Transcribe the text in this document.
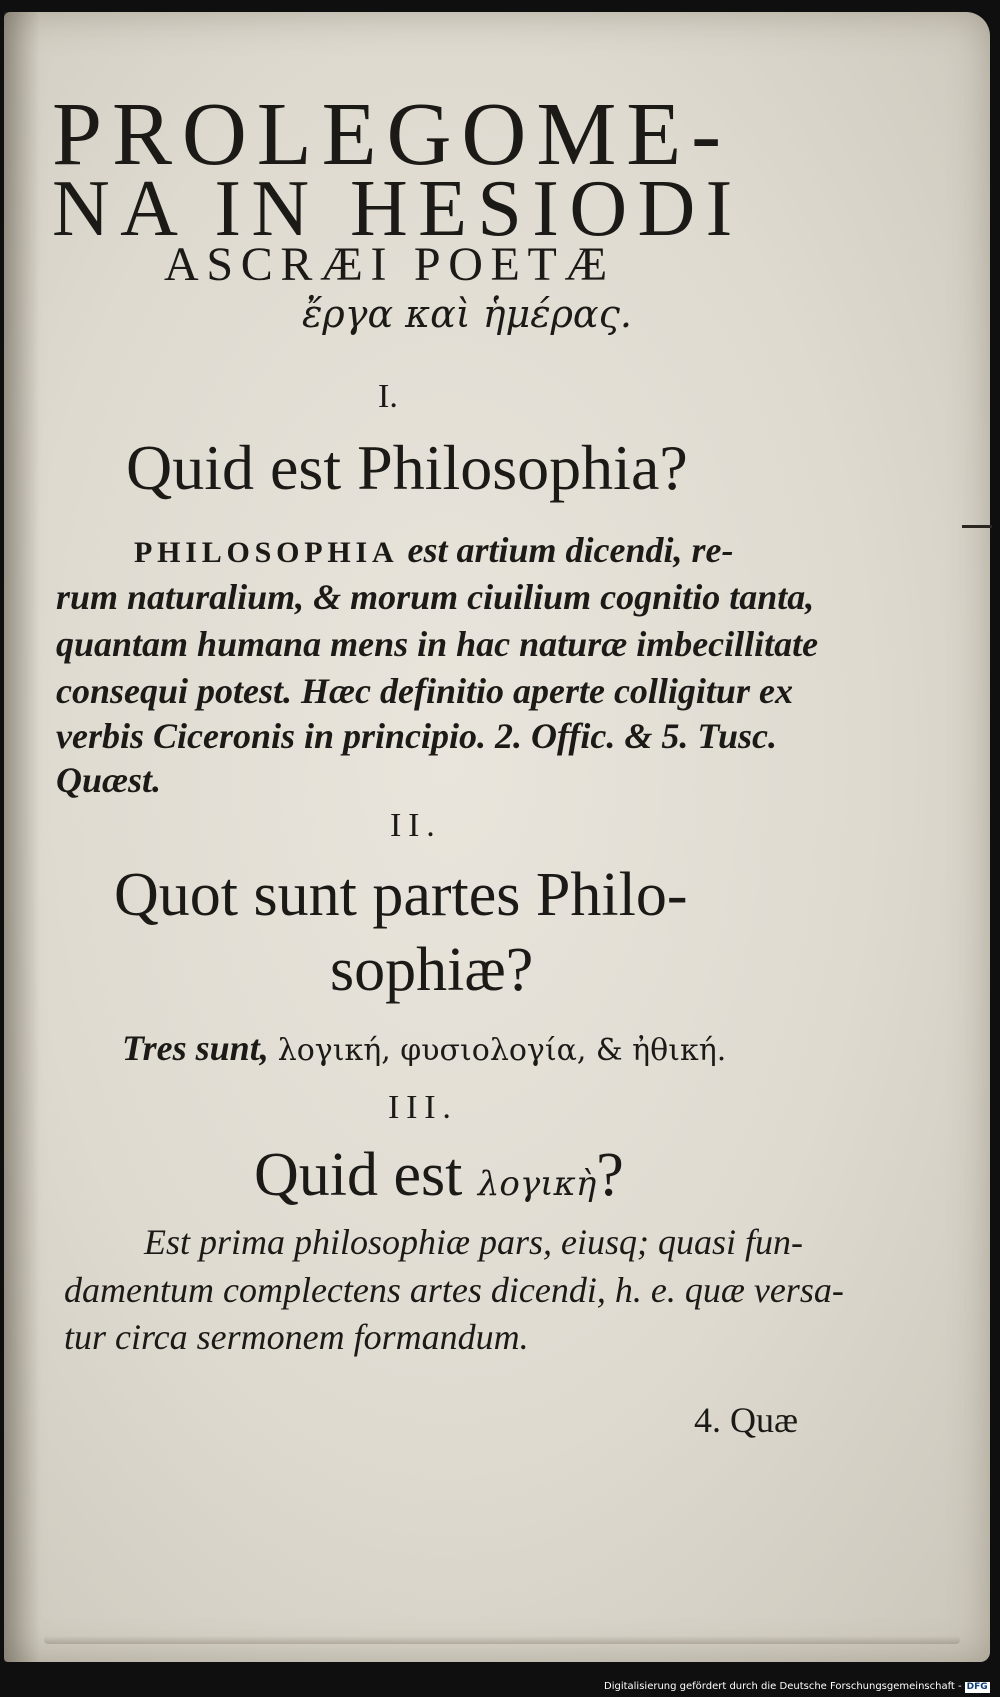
PROLEGOME-
NA IN HESIODI
ASCRÆI POETÆ
ἔργα καὶ ἡμέρας.
I.
Quid est Philosophia?
PHILOSOPHIA est artium dicendi, re-
rum naturalium, & morum ciuilium cognitio tanta,
quantam humana mens in hac naturæ imbecillitate
consequi potest. Hæc definitio aperte colligitur ex
verbis Ciceronis in principio. 2. Offic. & 5. Tusc.
Quæst.
II.
Quot sunt partes Philo-
sophiæ?
Tres sunt, λογική, φυσιολογία, & ἠθική.
III.
Quid est λογικὴ?
Est prima philosophiæ pars, eiusq; quasi fun-
damentum complectens artes dicendi, h. e. quæ versa-
tur circa sermonem formandum.
4. Quæ
Digitalisierung gefördert durch die Deutsche Forschungsgemeinschaft - DFG
